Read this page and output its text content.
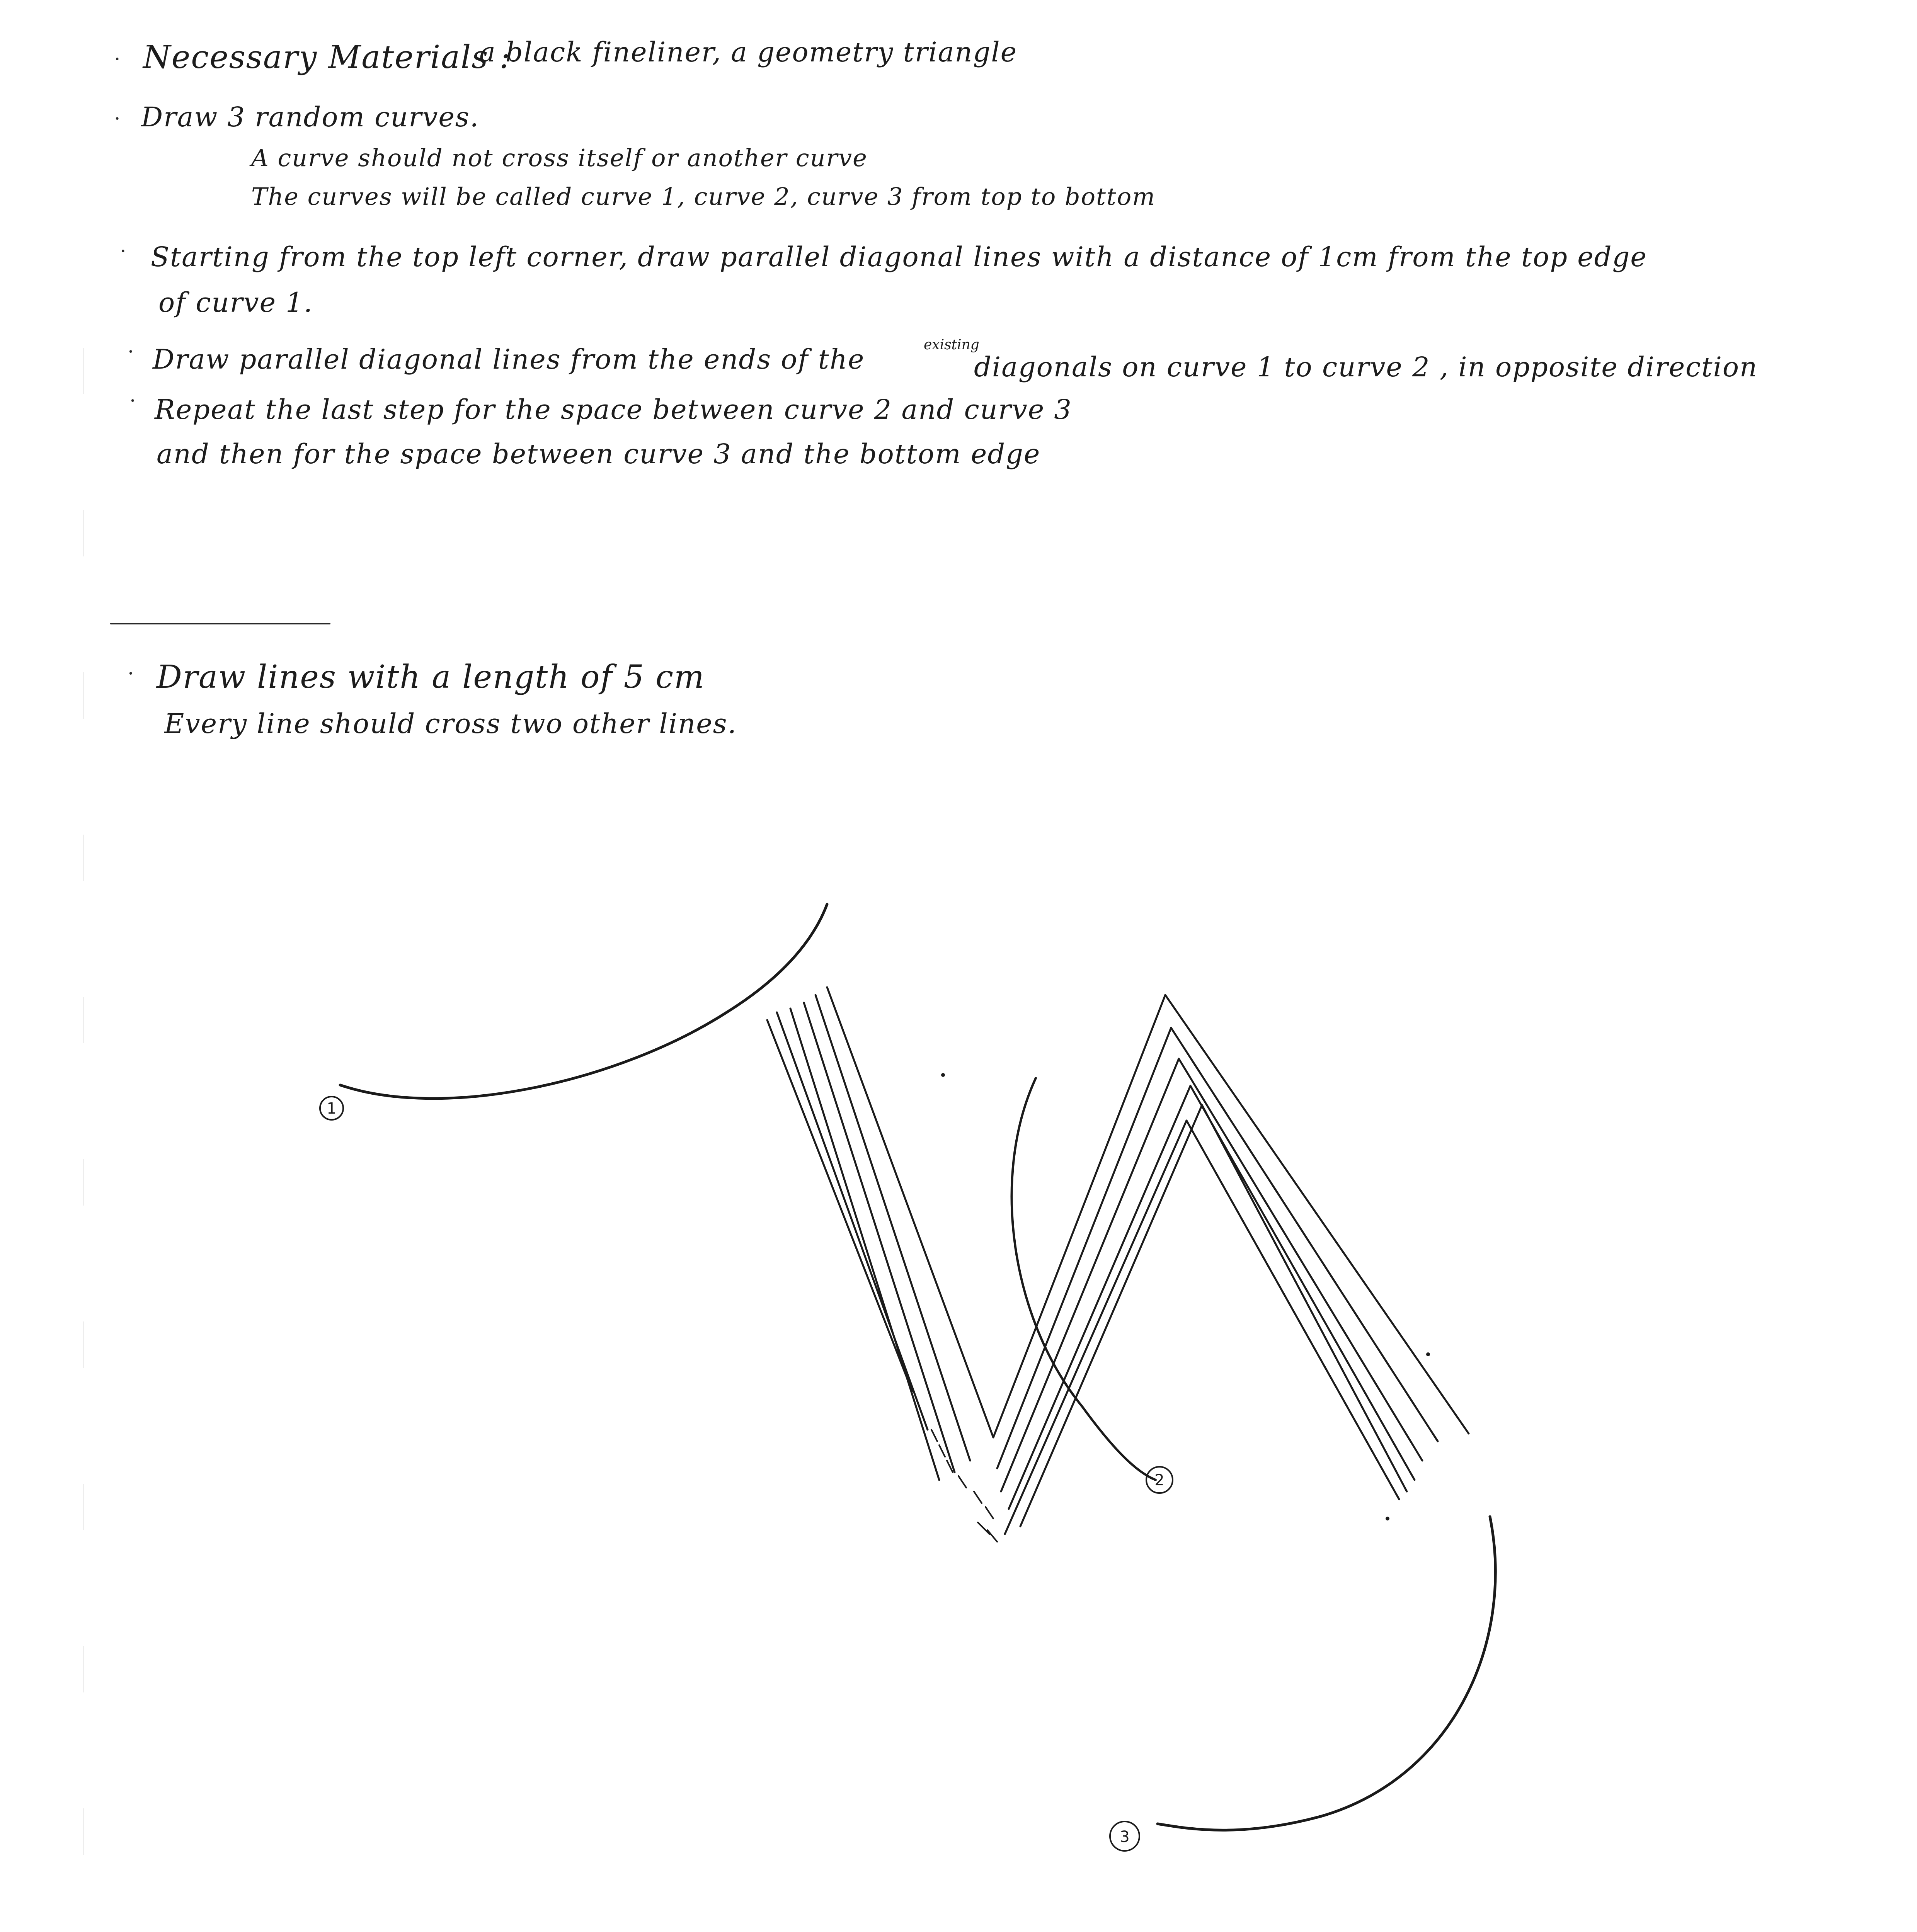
· Necessary Materials :
a black fineliner, a geometry triangle
· Draw 3 random curves.
A curve should not cross itself or another curve
The curves will be called curve 1, curve 2, curve 3 from top to bottom
· Starting from the top left corner, draw parallel diagonal lines with a distance of 1cm from the top edge
of curve 1.
· Draw parallel diagonal lines from the ends of the	existing
diagonals on curve 1 to curve 2 , in opposite direction
· Repeat the last step for the space between curve 2 and curve 3
and then for the space between curve 3 and the bottom edge
· Draw lines with a length of 5 cm
Every line should cross two other lines.
1
2
3
